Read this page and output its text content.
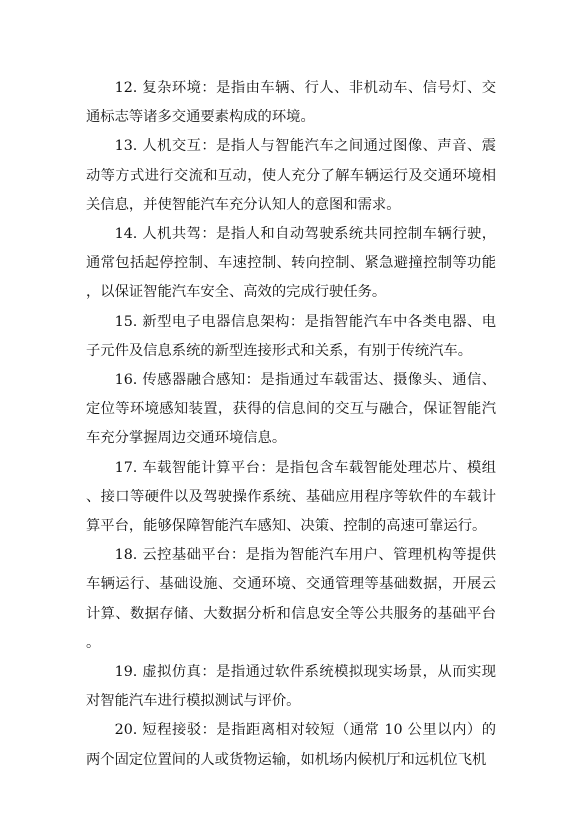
12. 复杂环境：是指由车辆、行人、非机动车、信号灯、交通标志等诸多交通要素构成的环境。

13. 人机交互：是指人与智能汽车之间通过图像、声音、震动等方式进行交流和互动，使人充分了解车辆运行及交通环境相关信息，并使智能汽车充分认知人的意图和需求。

14. 人机共驾：是指人和自动驾驶系统共同控制车辆行驶，通常包括起停控制、车速控制、转向控制、紧急避撞控制等功能，以保证智能汽车安全、高效的完成行驶任务。

15. 新型电子电器信息架构：是指智能汽车中各类电器、电子元件及信息系统的新型连接形式和关系，有别于传统汽车。

16. 传感器融合感知：是指通过车载雷达、摄像头、通信、定位等环境感知装置，获得的信息间的交互与融合，保证智能汽车充分掌握周边交通环境信息。

17. 车载智能计算平台：是指包含车载智能处理芯片、模组、接口等硬件以及驾驶操作系统、基础应用程序等软件的车载计算平台，能够保障智能汽车感知、决策、控制的高速可靠运行。

18. 云控基础平台：是指为智能汽车用户、管理机构等提供车辆运行、基础设施、交通环境、交通管理等基础数据，开展云计算、数据存储、大数据分析和信息安全等公共服务的基础平台。

19. 虚拟仿真：是指通过软件系统模拟现实场景，从而实现对智能汽车进行模拟测试与评价。

20. 短程接驳：是指距离相对较短（通常 10 公里以内）的两个固定位置间的人或货物运输，如机场内候机厅和远机位飞机
